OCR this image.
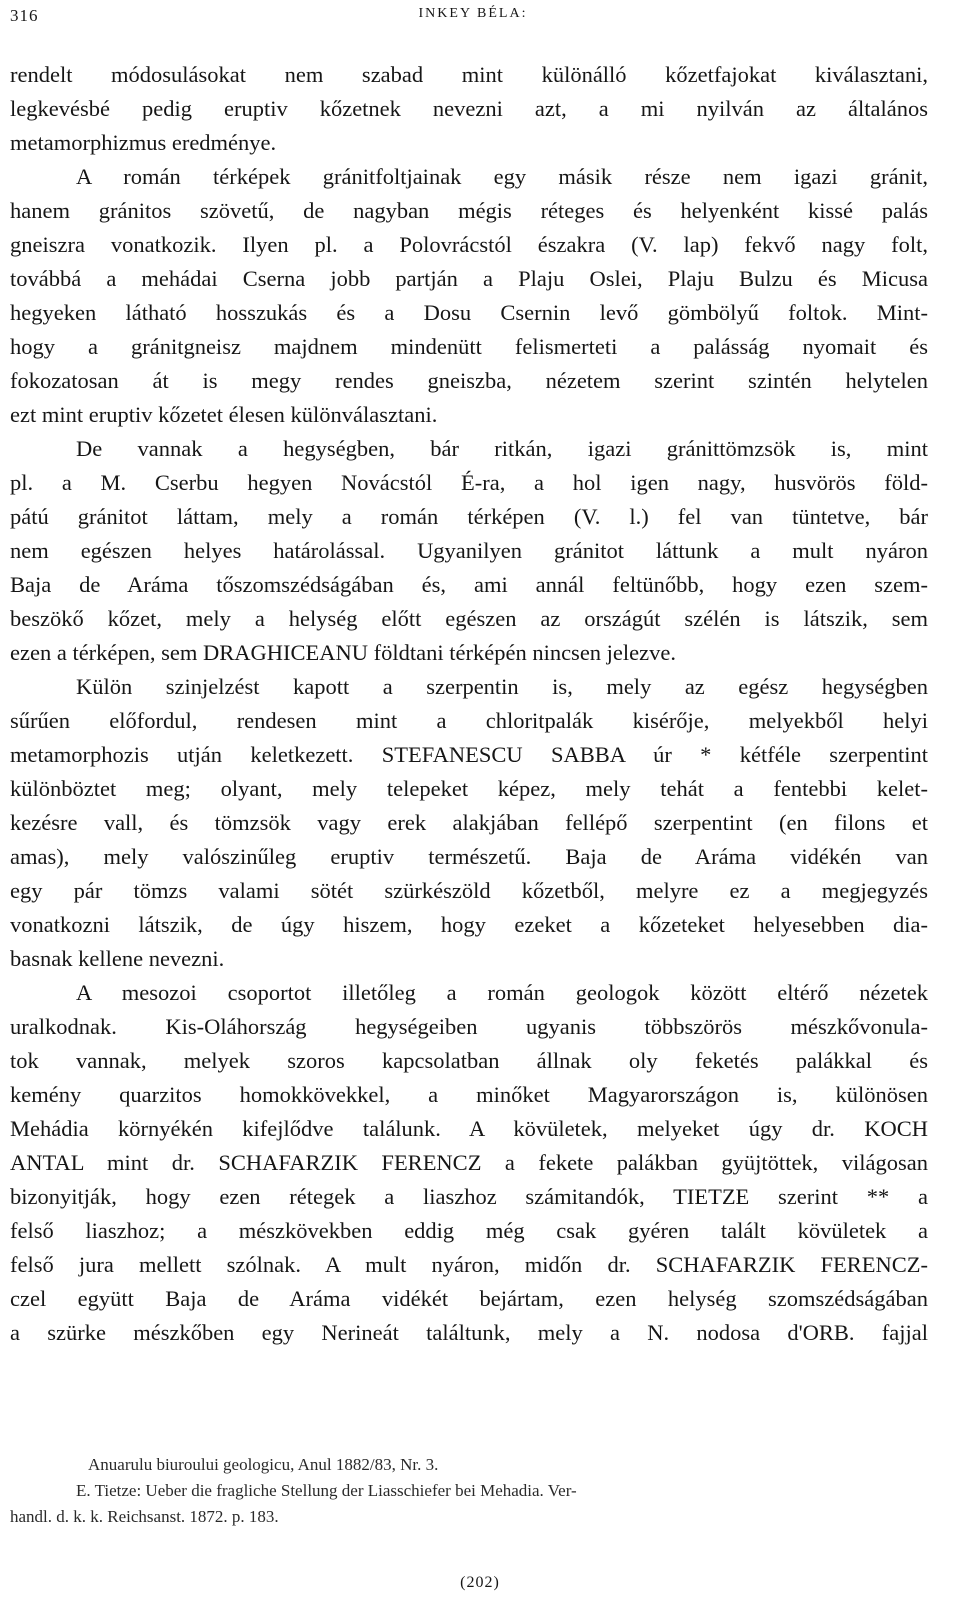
316	INKEY BÉLA:
rendelt módosulásokat nem szabad mint különálló kőzetfajokat kiválasztani,
legkevésbé pedig eruptiv kőzetnek nevezni azt, a mi nyilván az általános
metamorphizmus eredménye.
A román térképek gránitfoltjainak egy másik része nem igazi gránit,
hanem gránitos szövetű, de nagyban mégis réteges és helyenként kissé palás
gneiszra vonatkozik. Ilyen pl. a Polovrácstól északra (V. lap) fekvő nagy folt,
továbbá a mehádai Cserna jobb partján a Plaju Oslei, Plaju Bulzu és Micusa
hegyeken látható hosszukás és a Dosu Csernin levő gömbölyű foltok. Mint-
hogy a gránitgneisz majdnem mindenütt felismerteti a palásság nyomait és
fokozatosan át is megy rendes gneiszba, nézetem szerint szintén helytelen
ezt mint eruptiv kőzetet élesen különválasztani.
De vannak a hegységben, bár ritkán, igazi gránittömzsök is, mint
pl. a M. Cserbu hegyen Novácstól É-ra, a hol igen nagy, husvörös föld-
pátú gránitot láttam, mely a román térképen (V. l.) fel van tüntetve, bár
nem egészen helyes határolással. Ugyanilyen gránitot láttunk a mult nyáron
Baja de Aráma tőszomszédságában és, ami annál feltünőbb, hogy ezen szem-
beszökő kőzet, mely a helység előtt egészen az országút szélén is látszik, sem
ezen a térképen, sem DRAGHICEANU földtani térképén nincsen jelezve.
Külön szinjelzést kapott a szerpentin is, mely az egész hegységben
sűrűen előfordul, rendesen mint a chloritpalák kisérője, melyekből helyi
metamorphozis utján keletkezett. STEFANESCU SABBA úr * kétféle szerpentint
különböztet meg; olyant, mely telepeket képez, mely tehát a fentebbi kelet-
kezésre vall, és tömzsök vagy erek alakjában fellépő szerpentint (en filons et
amas), mely valószinűleg eruptiv természetű. Baja de Aráma vidékén van
egy pár tömzs valami sötét szürkészöld kőzetből, melyre ez a megjegyzés
vonatkozni látszik, de úgy hiszem, hogy ezeket a kőzeteket helyesebben dia-
basnak kellene nevezni.
A mesozoi csoportot illetőleg a román geologok között eltérő nézetek
uralkodnak. Kis-Oláhország hegységeiben ugyanis többszörös mészkővonula-
tok vannak, melyek szoros kapcsolatban állnak oly feketés palákkal és
kemény quarzitos homokkövekkel, a minőket Magyarországon is, különösen
Mehádia környékén kifejlődve találunk. A kövületek, melyeket úgy dr. KOCH
ANTAL mint dr. SCHAFARZIK FERENCZ a fekete palákban gyüjtöttek, világosan
bizonyitják, hogy ezen rétegek a liaszhoz számitandók, TIETZE szerint ** a
felső liaszhoz; a mészkövekben eddig még csak gyéren talált kövületek a
felső jura mellett szólnak. A mult nyáron, midőn dr. SCHAFARZIK FERENCZ-
czel együtt Baja de Aráma vidékét bejártam, ezen helység szomszédságában
a szürke mészkőben egy Nerineát találtunk, mely a N. nodosa d'ORB. fajjal
Anuarulu biuroului geologicu, Anul 1882/83, Nr. 3.
E. Tietze: Ueber die fragliche Stellung der Liasschiefer bei Mehadia. Ver-
handl. d. k. k. Reichsanst. 1872. p. 183.
(202)
